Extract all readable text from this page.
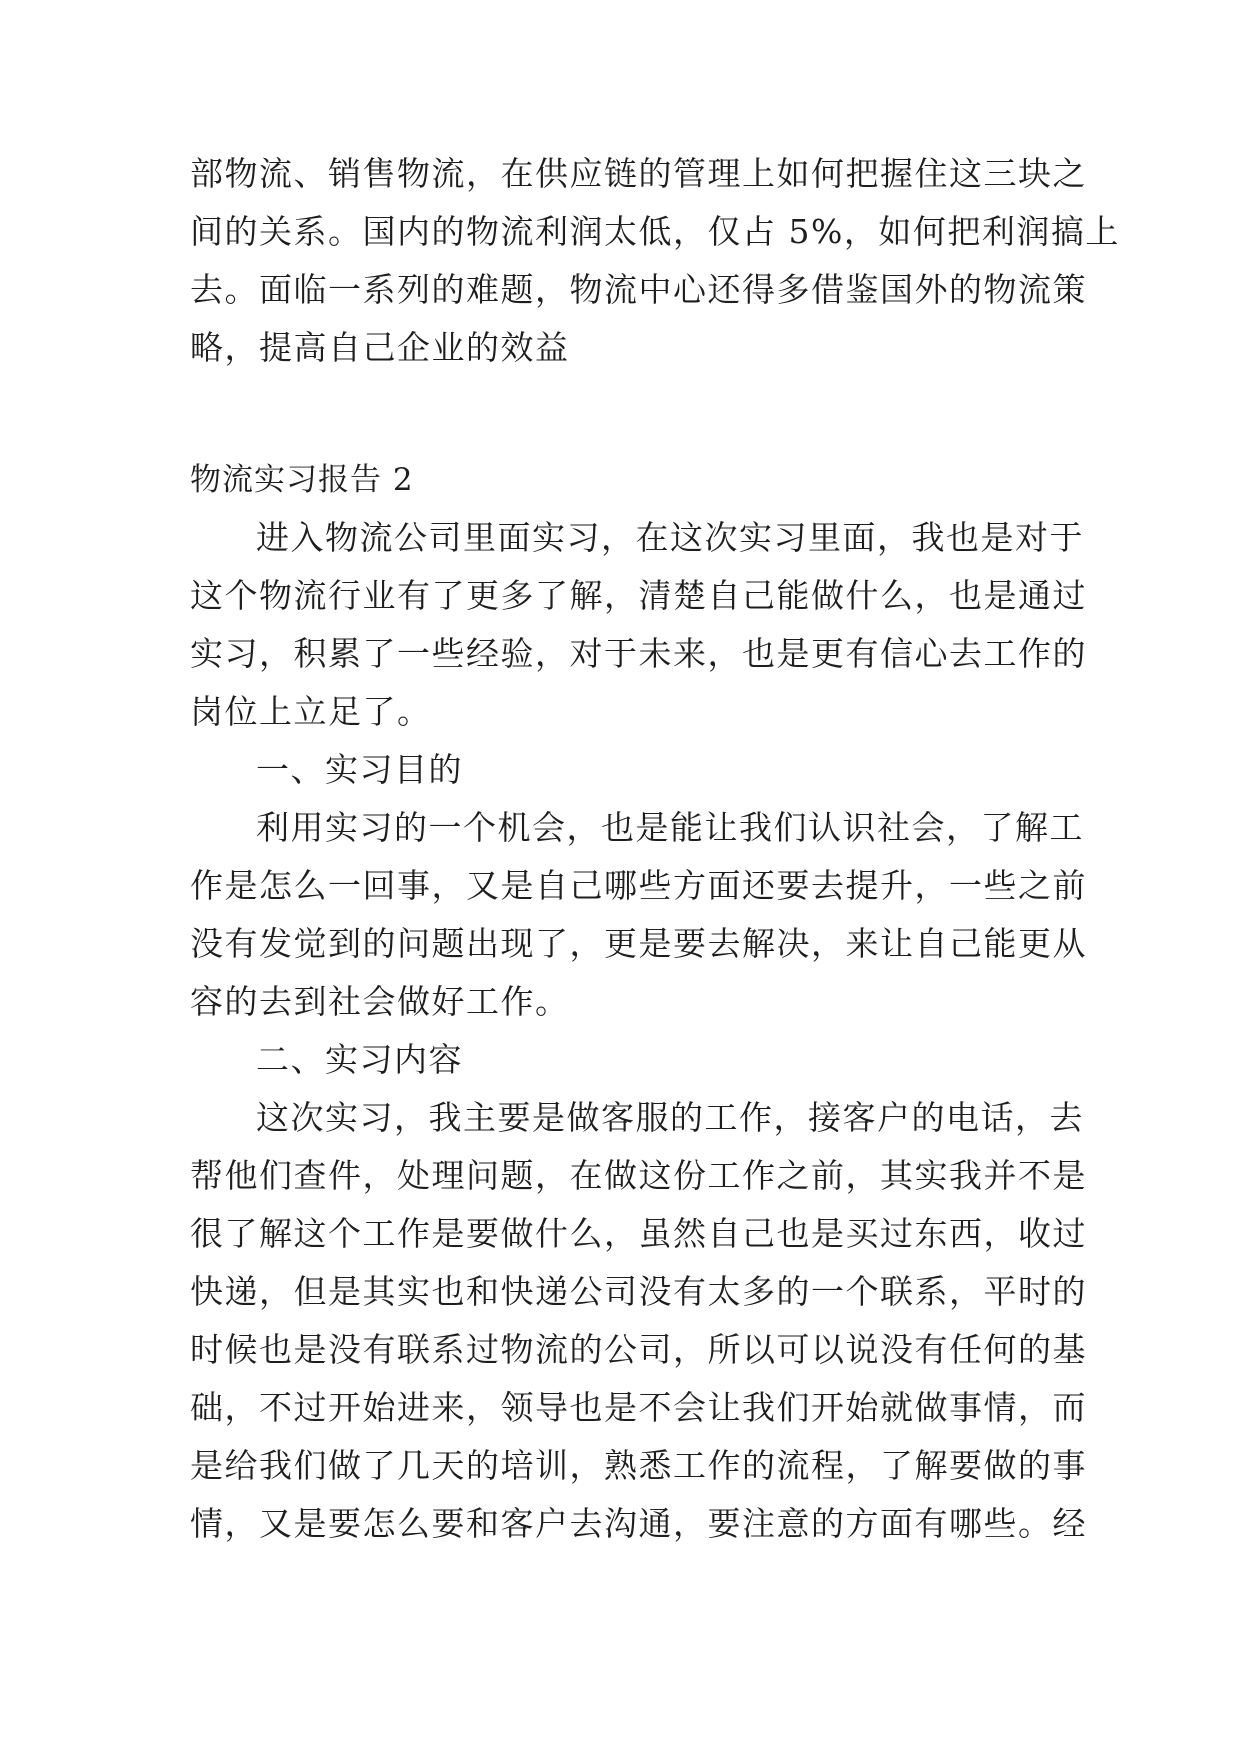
部物流、销售物流，在供应链的管理上如何把握住这三块之
间的关系。国内的物流利润太低，仅占 5%，如何把利润搞上
去。面临一系列的难题，物流中心还得多借鉴国外的物流策
略，提高自己企业的效益
物流实习报告 2
进入物流公司里面实习，在这次实习里面，我也是对于
这个物流行业有了更多了解，清楚自己能做什么，也是通过
实习，积累了一些经验，对于未来，也是更有信心去工作的
岗位上立足了。
一、实习目的
利用实习的一个机会，也是能让我们认识社会，了解工
作是怎么一回事，又是自己哪些方面还要去提升，一些之前
没有发觉到的问题出现了，更是要去解决，来让自己能更从
容的去到社会做好工作。
二、实习内容
这次实习，我主要是做客服的工作，接客户的电话，去
帮他们查件，处理问题，在做这份工作之前，其实我并不是
很了解这个工作是要做什么，虽然自己也是买过东西，收过
快递，但是其实也和快递公司没有太多的一个联系，平时的
时候也是没有联系过物流的公司，所以可以说没有任何的基
础，不过开始进来，领导也是不会让我们开始就做事情，而
是给我们做了几天的培训，熟悉工作的流程，了解要做的事
情，又是要怎么要和客户去沟通，要注意的方面有哪些。经
